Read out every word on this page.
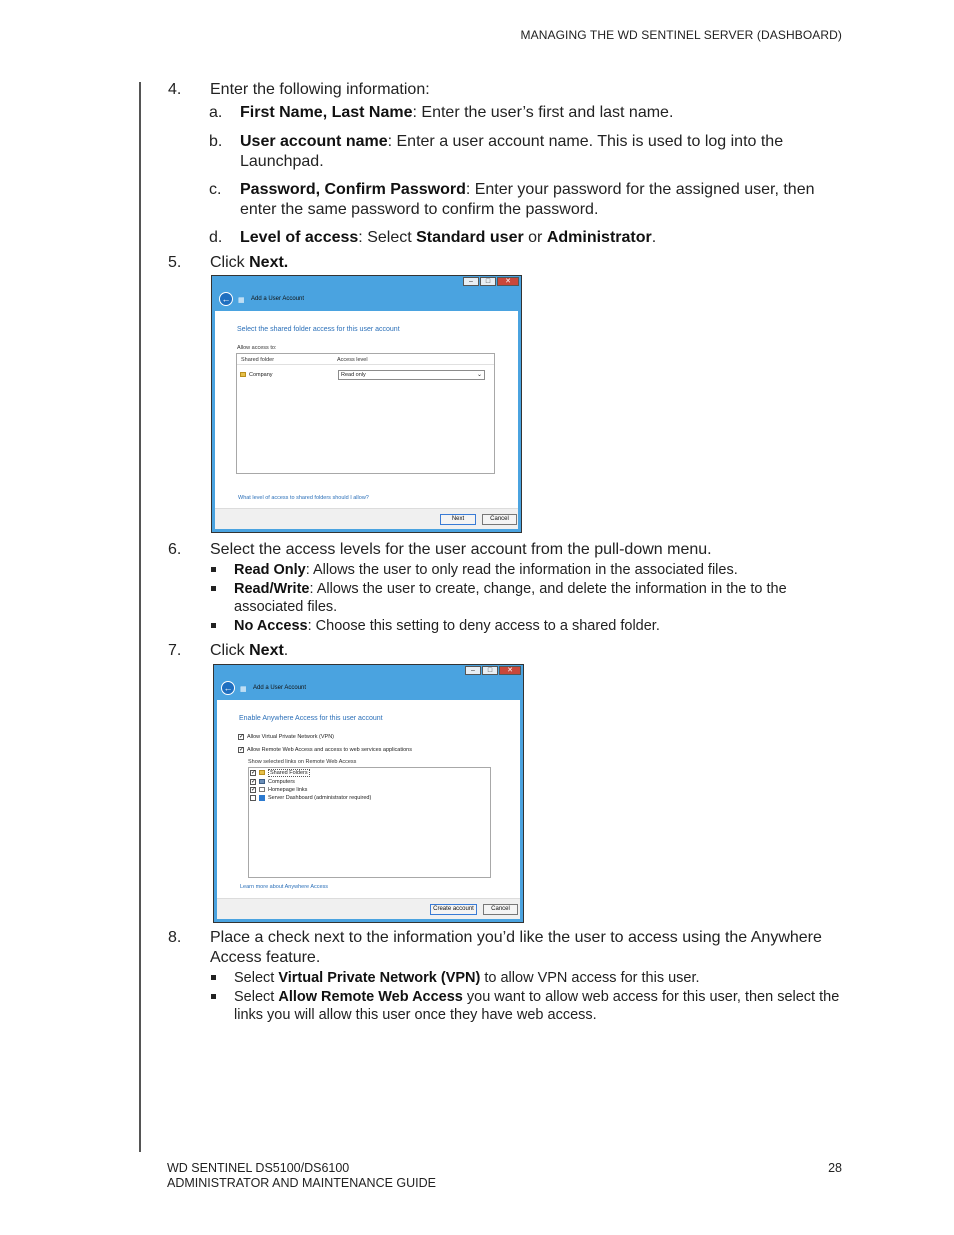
MANAGING THE WD SENTINEL SERVER (DASHBOARD)
4. Enter the following information:
a. First Name, Last Name: Enter the user’s first and last name.
b. User account name: Enter a user account name. This is used to log into the Launchpad.
c. Password, Confirm Password: Enter your password for the assigned user, then enter the same password to confirm the password.
d. Level of access: Select Standard user or Administrator.
5. Click Next.
–	□	✕
←	▦ Add a User Account
Select the shared folder access for this user account
Allow access to:
Shared folder	Access level
Company	Read only	⌄
What level of access to shared folders should I allow?
Next	Cancel
6. Select the access levels for the user account from the pull-down menu.
Read Only: Allows the user to only read the information in the associated files.
Read/Write: Allows the user to create, change, and delete the information in the to the associated files.
No Access: Choose this setting to deny access to a shared folder.
7. Click Next.
–	□	✕
←	▦ Add a User Account
Enable Anywhere Access for this user account
✓ Allow Virtual Private Network (VPN)
✓ Allow Remote Web Access and access to web services applications
Show selected links on Remote Web Access
✓	Shared Folders
✓ Computers
✓ Homepage links
Server Dashboard (administrator required)
Learn more about Anywhere Access
Create account	Cancel
8. Place a check next to the information you’d like the user to access using the Anywhere Access feature.
Select Virtual Private Network (VPN) to allow VPN access for this user.
Select Allow Remote Web Access you want to allow web access for this user, then select the links you will allow this user once they have web access.
WD SENTINEL DS5100/DS6100
ADMINISTRATOR AND MAINTENANCE GUIDE
28
